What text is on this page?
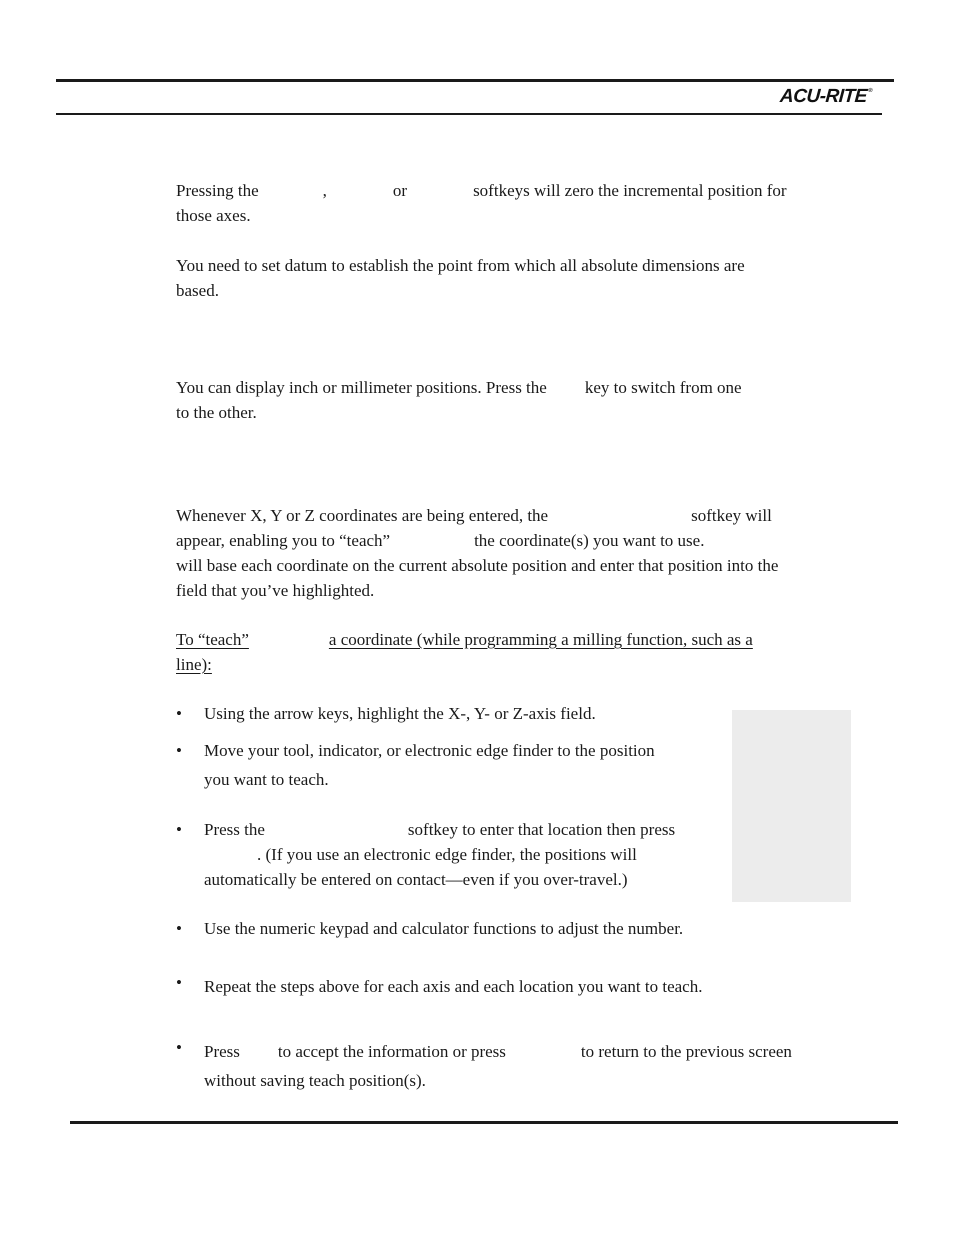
ACU-RITE®
Pressing the	,	or	softkeys will zero the incremental position for
those axes.
You need to set datum to establish the point from which all absolute dimensions are
based.
You can display inch or millimeter positions. Press the key to switch from one
to the other.
Whenever X, Y or Z coordinates are being entered, the	softkey will
appear, enabling you to “teach”	the coordinate(s) you want to use.
will base each coordinate on the current absolute position and enter that position into the
field that you’ve highlighted.
To “teach”	a coordinate (while programming a milling function, such as a
line):
• Using the arrow keys, highlight the X-, Y- or Z-axis field.
• Move your tool, indicator, or electronic edge finder to the position
you want to teach.
• Press the	softkey to enter that location then press
. (If you use an electronic edge finder, the positions will
automatically be entered on contact—even if you over-travel.)
• Use the numeric keypad and calculator functions to adjust the number.
• Repeat the steps above for each axis and each location you want to teach.
• Press to accept the information or press	to return to the previous screen
without saving teach position(s).
